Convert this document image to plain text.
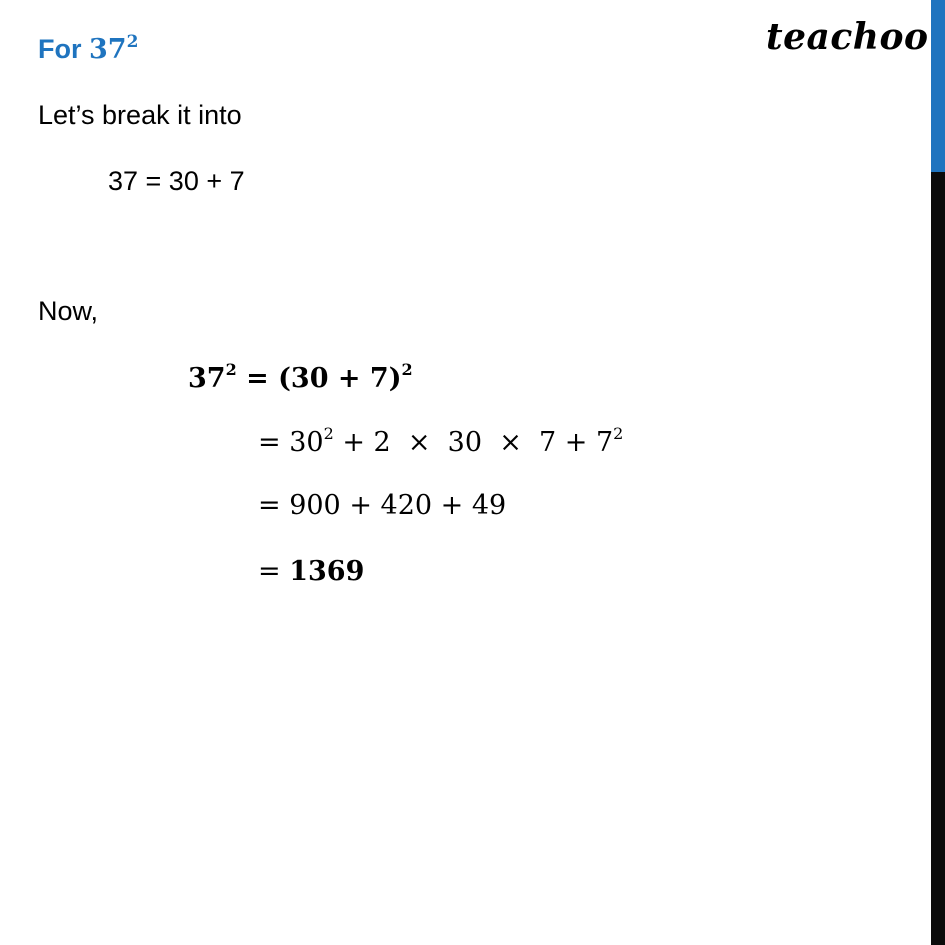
For $37^2$	teachoo
Let’s break it into
37 = 30 + 7
Now,
$37^2 = (30 + 7)^2$
= $30^2 + 2 \times 30 \times 7 + 7^2$
= 900 + 420 + 49
= 1369
